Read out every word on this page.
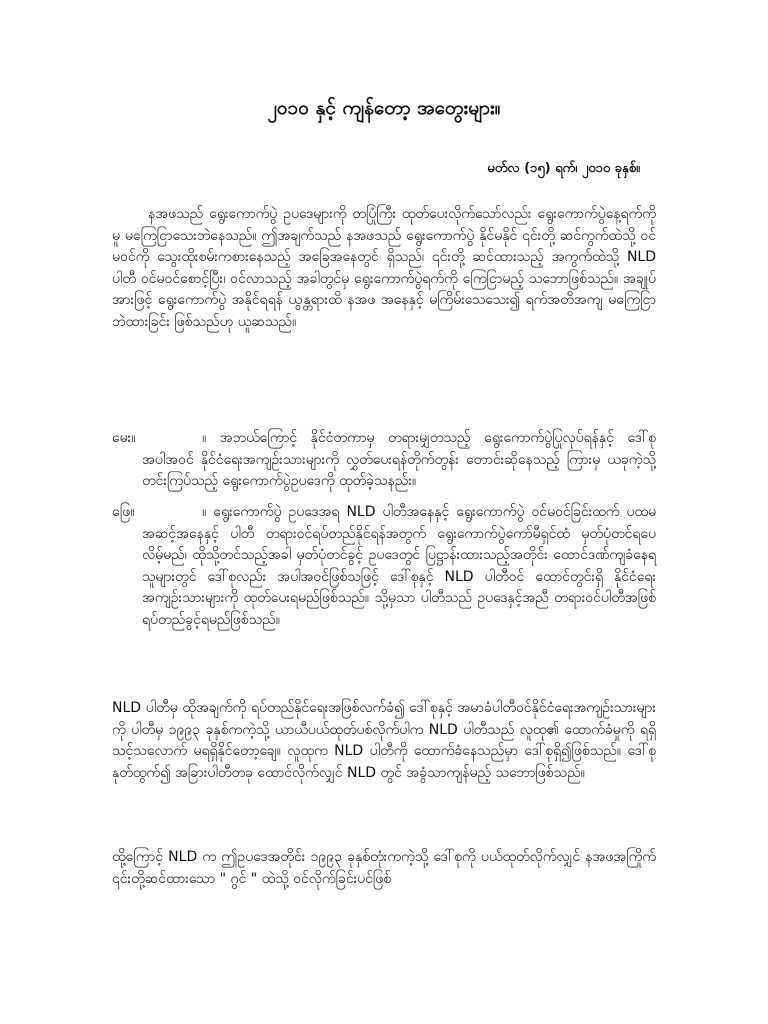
၂၀၁၀ နှင့် ကျန်တော့ အတွေးများ။
မတ်လ (၁၅) ရက်၊ ၂၀၁၀ ခုနှစ်။

နအဖသည် ရွေးကောက်ပွဲ ဥပဒေများကို တပြုံကြီး ထုတ်ပေးလိုက်သော်လည်း ရွေးကောက်ပွဲနေ့ရက်ကိုမူ မကြေငြာသေးဘဲနေသည်။ ဤအချက်သည် နအဖသည် ရွေးကောက်ပွဲ နိုင်မနိုင် ၎င်းတို့ ဆင်ကွက်ထဲသို့ ဝင်မဝင်ကို သွေးထိုးစမ်းကစားနေသည့် အခြေအနေတွင် ရှိသည်၊ ၎င်းတို့ ဆင်ထားသည့် အကွက်ထဲသို့ NLD ပါတီ ဝင်မဝင်စောင့်ပြီး၊ ဝင်လာသည့် အခါတွင်မှ ရွေးကောက်ပွဲရက်ကို ကြေငြာမည့် သဘောဖြစ်သည်။ အချုပ်အားဖြင့် ရွေးကောက်ပွဲ အနိုင်ရရန် ယွန္တရားထိ နအဖ အနေနှင့် မကြိမ်းသေသေး၍ ရက်အတိအကျ မကြေငြာဘဲထားခြင်း ဖြစ်သည်ဟု ယူဆသည်။

မေး။	။ အဘယ်ကြောင့် နိုင်ငံတကာမှ တရားမျှတသည့် ရွေးကောက်ပွဲပြုလုပ်ရန်နှင့် ဒေါ်စုအပါအဝင် နိုင်ငံရေးအကျဉ်းသားများကို လွှတ်ပေးရန်တိုက်တွန်း တောင်းဆိုနေသည့် ကြားမှ ယခုကဲ့သို့ တင်းကြပ်သည့် ရွေးကောက်ပွဲဥပဒေကို ထုတ်ခဲ့သနည်း။
ဖြေ။	။ ရွေးကောက်ပွဲ ဥပဒေအရ NLD ပါတီအနေနှင့် ရွေးကောက်ပွဲ ဝင်မဝင်ခြင်းထက် ပထမအဆင့်အနေနှင့် ပါတီ တရားဝင်ရပ်တည်နိုင်ရန်အတွက် ရွေးကောက်ပွဲကော်မီရှင်ထံ မှတ်ပုံတင်ရပေလိမ့်မည်၊ ထိုသို့တင်သည့်အခါ မှတ်ပုံတင်ခွင့် ဥပဒေတွင် ပြဋ္ဌာန်းထားသည့်အတိုင်း ထောင်ဒဏ်ကျခံနေရသူများတွင် ဒေါ်စုလည်း အပါအဝင်ဖြစ်သဖြင့် ဒေါ်စုနှင့် NLD ပါတီဝင် ထောင်တွင်းရှိ နိုင်ငံရေးအကျဉ်းသားများကို ထုတ်ပေးရမည်ဖြစ်သည်။ သို့မှသာ ပါတီသည် ဥပဒေနှင့်အညီ တရားဝင်ပါတီအဖြစ်ရပ်တည်ခွင့်ရမည်ဖြစ်သည်။

NLD ပါတီမှ ထိုအချက်ကို ရပ်တည်နိုင်ရေးအဖြစ်လက်ခံ၍ ဒေါ်စုနှင့် အမာခံပါတီဝင်နိုင်ငံရေးအကျဉ်းသားများကို ပါတီမှ ၁၉၉၃ ခုနှစ်ကကဲ့သို့ ယာယီပယ်ထုတ်ပစ်လိုက်ပါက NLD ပါတီသည် လူထု၏ ထောက်ခံမှုကို ရရှိသင့်သလောက် မရရှိနိုင်တော့ချေ။ လူထုက NLD ပါတီကို ထောက်ခံနေသည်မှာ ဒေါ်စုရှိ၍ဖြစ်သည်။ ဒေါ်စုနုတ်ထွက်၍ အခြားပါတီတခု ထောင်လိုက်လျှင် NLD တွင် အခွံသာကျန်မည့် သဘောဖြစ်သည်။

ထို့ကြောင့် NLD က ဤဥပဒေအတိုင်း ၁၉၉၃ ခုနှစ်တုံးကကဲ့သို့ ဒေါ်စုကို ပယ်ထုတ်လိုက်လျှင် နအဖအကြိုက် ၎င်းတို့ဆင်ထားသော " ဂွင် " ထဲသို့ ဝင်လိုက်ခြင်းပင်ဖြစ်
